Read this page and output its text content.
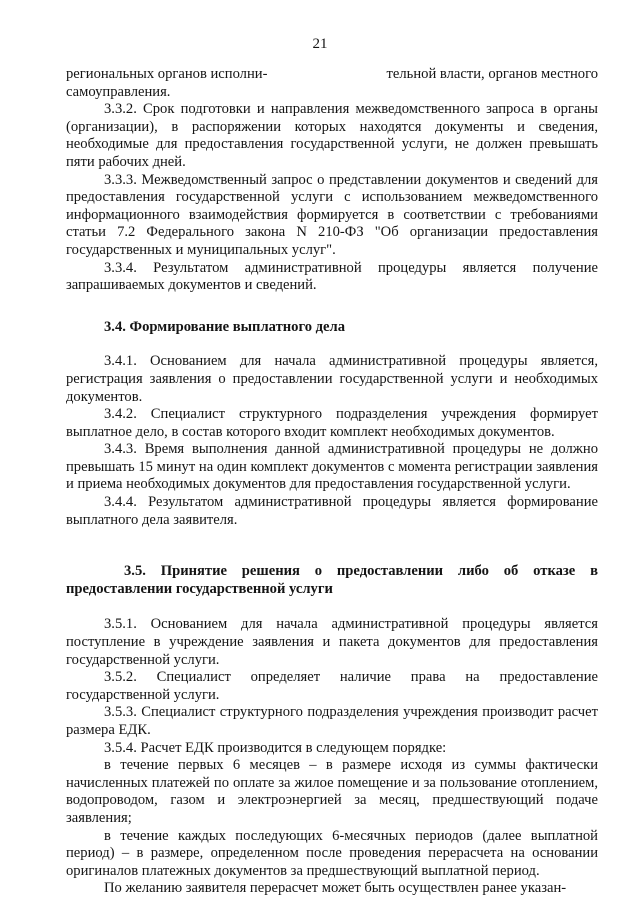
21
региональных органов исполни-	тельной власти, органов местного

самоуправления.

3.3.2. Срок подготовки и направления межведомственного запроса в органы (организации), в распоряжении которых находятся документы и сведения, необходимые для предоставления государственной услуги, не должен превышать пяти рабочих дней.

3.3.3. Межведомственный запрос о представлении документов и сведений для предоставления государственной услуги с использованием межведомственного информационного взаимодействия формируется в соответствии с требованиями статьи 7.2 Федерального закона N 210-ФЗ "Об организации предоставления государственных и муниципальных услуг".

3.3.4. Результатом административной процедуры является получение запрашиваемых документов и сведений.

3.4. Формирование выплатного дела

3.4.1. Основанием для начала административной процедуры является, регистрация заявления о предоставлении государственной услуги и необходимых документов.

3.4.2. Специалист структурного подразделения учреждения формирует выплатное дело, в состав которого входит комплект необходимых документов.

3.4.3. Время выполнения данной административной процедуры не должно превышать 15 минут на один комплект документов с момента регистрации заявления и приема необходимых документов для предоставления государственной услуги.

3.4.4. Результатом административной процедуры является формирование выплатного дела заявителя.

3.5. Принятие решения о предоставлении либо об отказе в предоставлении государственной услуги

3.5.1. Основанием для начала административной процедуры является поступление в учреждение заявления и пакета документов для предоставления государственной услуги.

3.5.2. Специалист определяет наличие права на предоставление государственной услуги.

3.5.3. Специалист структурного подразделения учреждения производит расчет размера ЕДК.

3.5.4. Расчет ЕДК производится в следующем порядке:

в течение первых 6 месяцев – в размере исходя из суммы фактически начисленных платежей по оплате за жилое помещение и за пользование отоплением, водопроводом, газом и электроэнергией за месяц, предшествующий подаче заявления;

в течение каждых последующих 6-месячных периодов (далее выплатной период) – в размере, определенном после проведения перерасчета на основании оригиналов платежных документов за предшествующий выплатной период.

По желанию заявителя перерасчет может быть осуществлен ранее указан-
